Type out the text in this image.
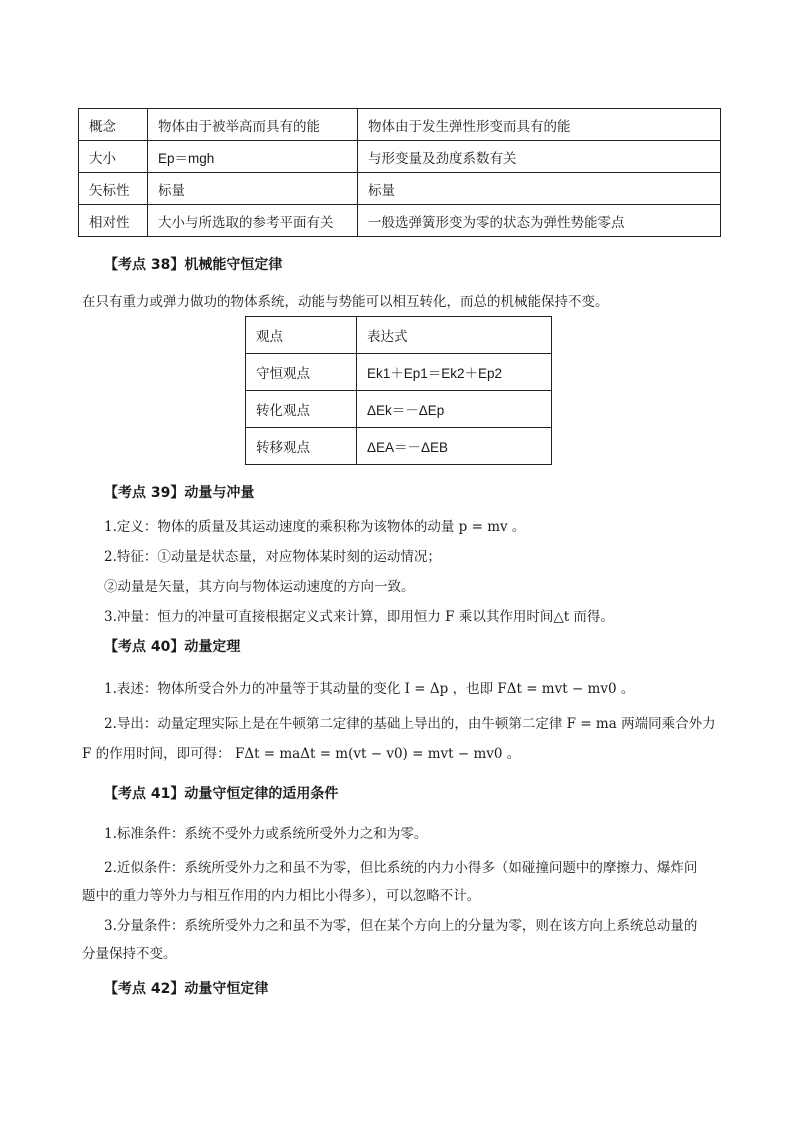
概念	物体由于被举高而具有的能	物体由于发生弹性形变而具有的能
大小	Ep＝mgh	与形变量及劲度系数有关
矢标性	标量	标量
相对性	大小与所选取的参考平面有关	一般选弹簧形变为零的状态为弹性势能零点
【考点 38】机械能守恒定律
在只有重力或弹力做功的物体系统，动能与势能可以相互转化，而总的机械能保持不变。
观点	表达式
守恒观点	Ek1＋Ep1＝Ek2＋Ep2
转化观点	ΔEk＝－ΔEp
转移观点	ΔEA＝－ΔEB
【考点 39】动量与冲量
1.定义：物体的质量及其运动速度的乘积称为该物体的动量 p = mv 。
2.特征：①动量是状态量，对应物体某时刻的运动情况；
②动量是矢量，其方向与物体运动速度的方向一致。
3.冲量：恒力的冲量可直接根据定义式来计算，即用恒力 F 乘以其作用时间△t 而得。
【考点 40】动量定理
1.表述：物体所受合外力的冲量等于其动量的变化 I = Δp ，也即 FΔt = mvt − mv0 。
2.导出：动量定理实际上是在牛顿第二定律的基础上导出的，由牛顿第二定律 F = ma 两端同乘合外力
F 的作用时间，即可得： FΔt = maΔt = m(vt − v0) = mvt − mv0 。
【考点 41】动量守恒定律的适用条件
1.标准条件：系统不受外力或系统所受外力之和为零。
2.近似条件：系统所受外力之和虽不为零，但比系统的内力小得多（如碰撞问题中的摩擦力、爆炸问
题中的重力等外力与相互作用的内力相比小得多），可以忽略不计。
3.分量条件：系统所受外力之和虽不为零，但在某个方向上的分量为零，则在该方向上系统总动量的
分量保持不变。
【考点 42】动量守恒定律
